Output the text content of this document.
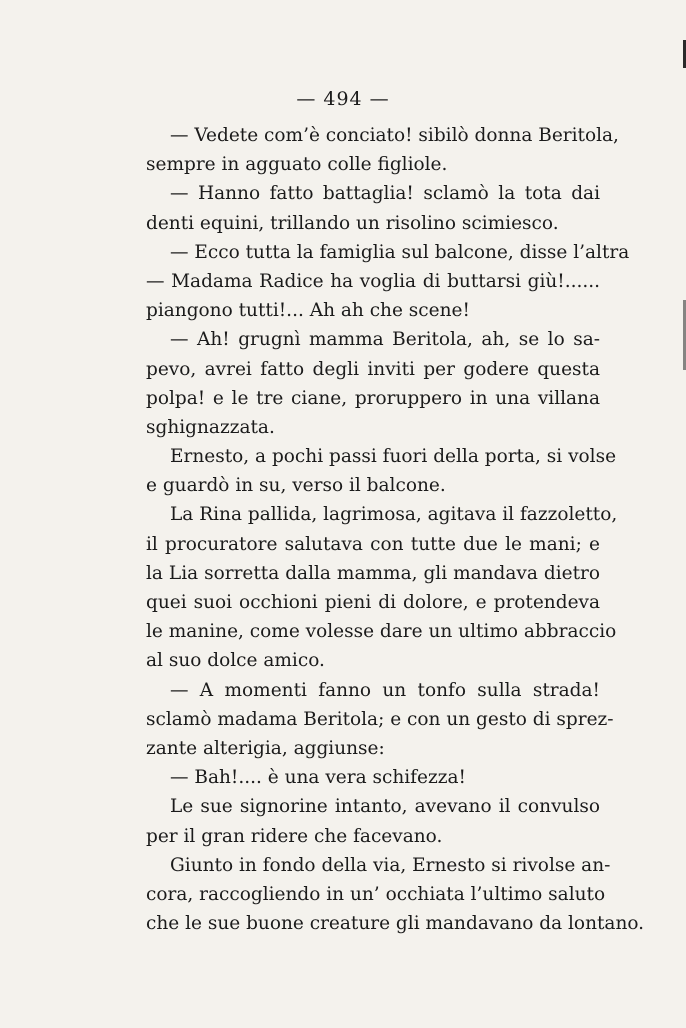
— 494 —
— Vedete com’è conciato! sibilò donna Beritola,
sempre in agguato colle figliole.
— Hanno fatto battaglia! sclamò la tota dai
denti equini, trillando un risolino scimiesco.
— Ecco tutta la famiglia sul balcone, disse l’altra
— Madama Radice ha voglia di buttarsi giù!......
piangono tutti!... Ah ah che scene!
— Ah! grugnì mamma Beritola, ah, se lo sa-
pevo, avrei fatto degli inviti per godere questa
polpa! e le tre ciane, proruppero in una villana
sghignazzata.
Ernesto, a pochi passi fuori della porta, si volse
e guardò in su, verso il balcone.
La Rina pallida, lagrimosa, agitava il fazzoletto,
il procuratore salutava con tutte due le mani; e
la Lia sorretta dalla mamma, gli mandava dietro
quei suoi occhioni pieni di dolore, e protendeva
le manine, come volesse dare un ultimo abbraccio
al suo dolce amico.
— A momenti fanno un tonfo sulla strada!
sclamò madama Beritola; e con un gesto di sprez-
zante alterigia, aggiunse:
— Bah!.... è una vera schifezza!
Le sue signorine intanto, avevano il convulso
per il gran ridere che facevano.
Giunto in fondo della via, Ernesto si rivolse an-
cora, raccogliendo in un’ occhiata l’ultimo saluto
che le sue buone creature gli mandavano da lontano.
